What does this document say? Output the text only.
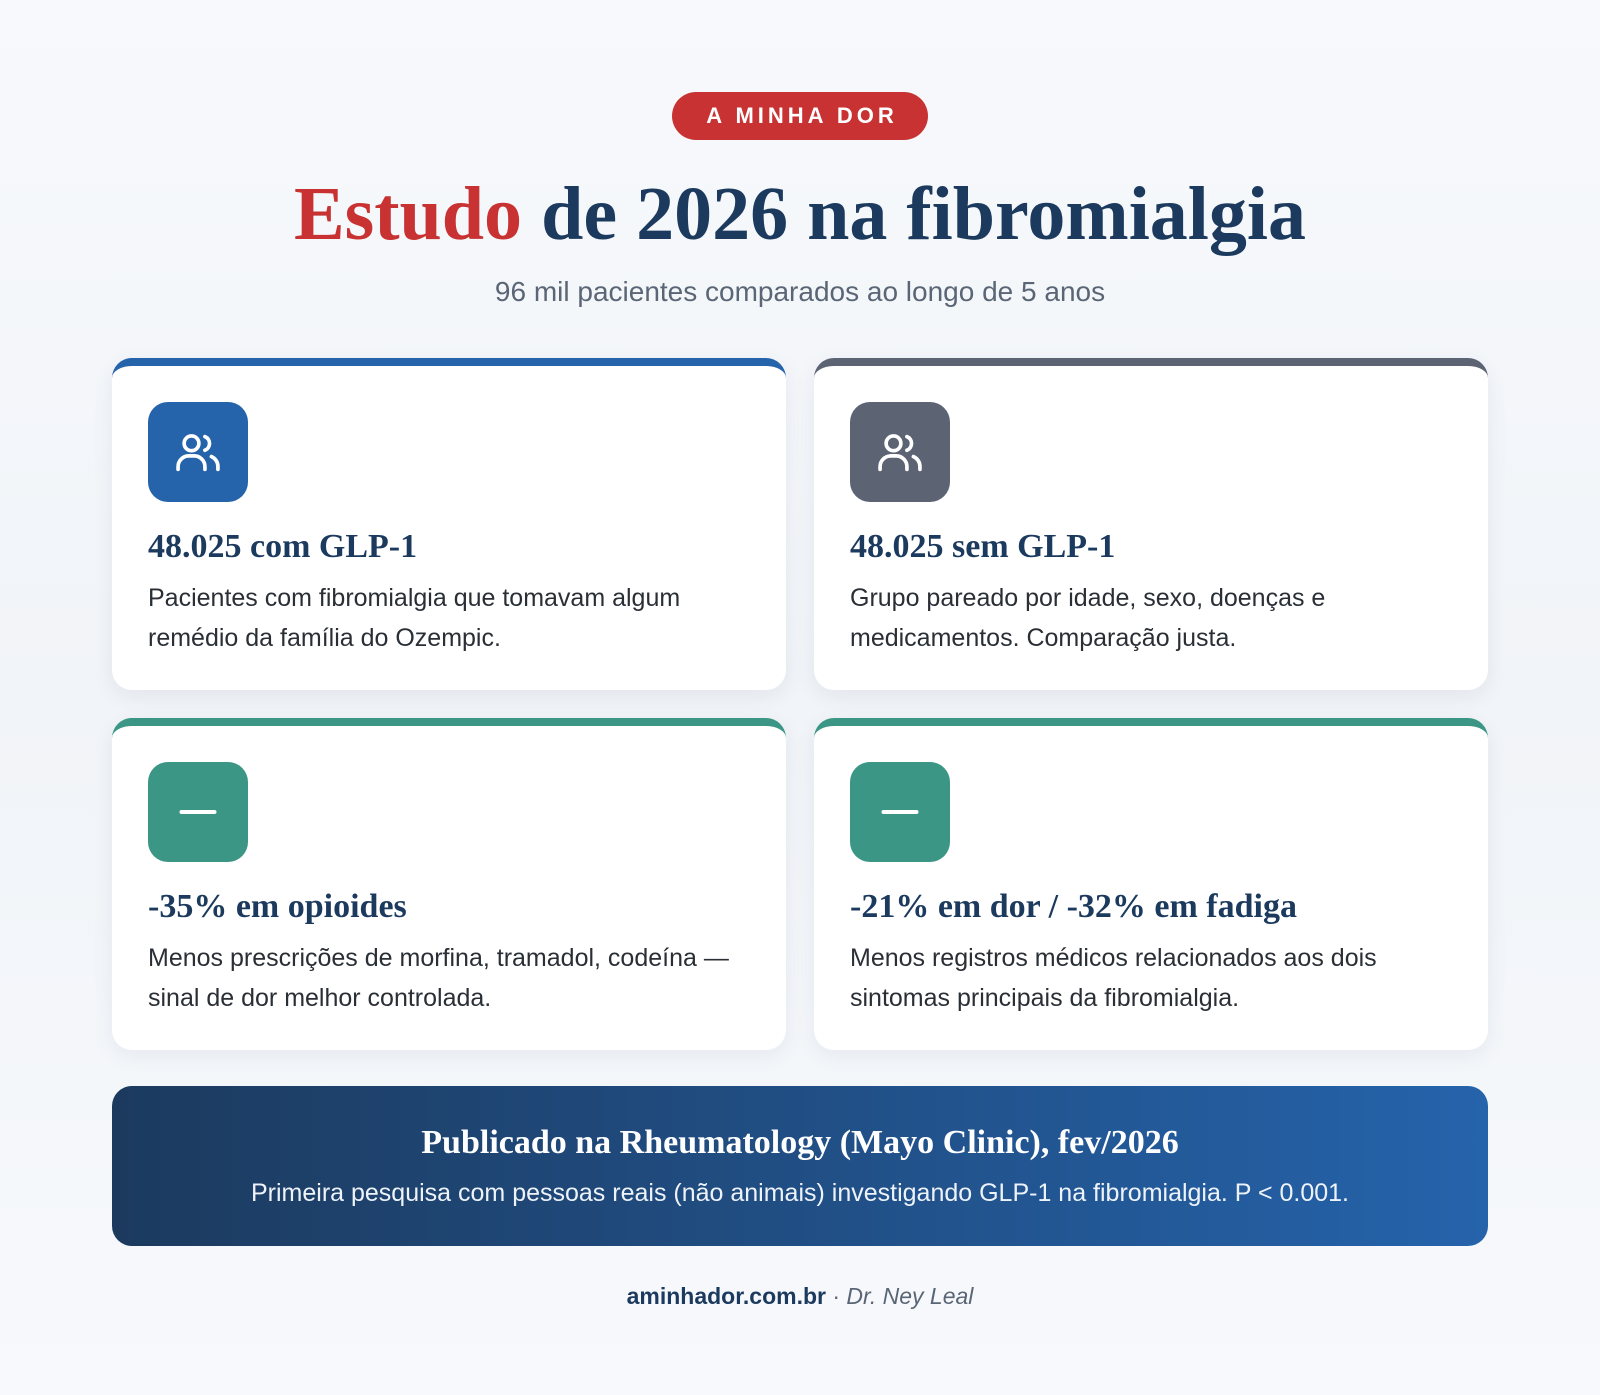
A MINHA DOR
Estudo de 2026 na fibromialgia
96 mil pacientes comparados ao longo de 5 anos
48.025 com GLP-1
Pacientes com fibromialgia que tomavam algum remédio da família do Ozempic.
48.025 sem GLP-1
Grupo pareado por idade, sexo, doenças e medicamentos. Comparação justa.
-35% em opioides
Menos prescrições de morfina, tramadol, codeína — sinal de dor melhor controlada.
-21% em dor / -32% em fadiga
Menos registros médicos relacionados aos dois sintomas principais da fibromialgia.
Publicado na Rheumatology (Mayo Clinic), fev/2026
Primeira pesquisa com pessoas reais (não animais) investigando GLP-1 na fibromialgia. P < 0.001.
aminhador.com.br · Dr. Ney Leal
